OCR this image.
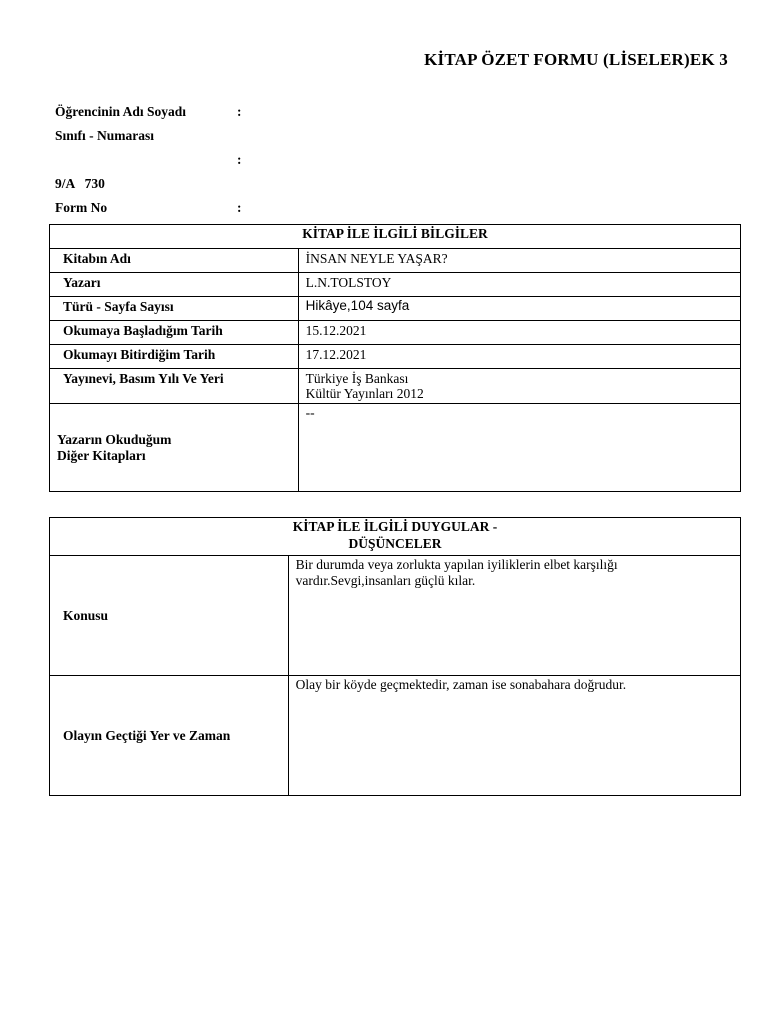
KİTAP ÖZET FORMU (LİSELER)EK 3
Öğrencinin Adı Soyadı	:
Sınıfı - Numarası
:
9/A   730
Form No	:
KİTAP İLE İLGİLİ BİLGİLER	
Kitabın Adı	İNSAN NEYLE YAŞAR?
Yazarı	L.N.TOLSTOY
Türü - Sayfa Sayısı	Hikâye,104 sayfa
Okumaya Başladığım Tarih	15.12.2021
Okumayı Bitirdiğim Tarih	17.12.2021
Yayınevi, Basım Yılı Ve Yeri	Türkiye İş Bankası
Kültür Yayınları 2012

Yazarın Okuduğum
Diğer Kitapları	--
KİTAP İLE İLGİLİ DUYGULAR -
DÜŞÜNCELER	

Konusu	Bir durumda veya zorlukta yapılan iyiliklerin elbet karşılığı
vardır.Sevgi,insanları güçlü kılar.

Olayın Geçtiği Yer ve Zaman	Olay bir köyde geçmektedir, zaman ise sonabahara doğrudur.
